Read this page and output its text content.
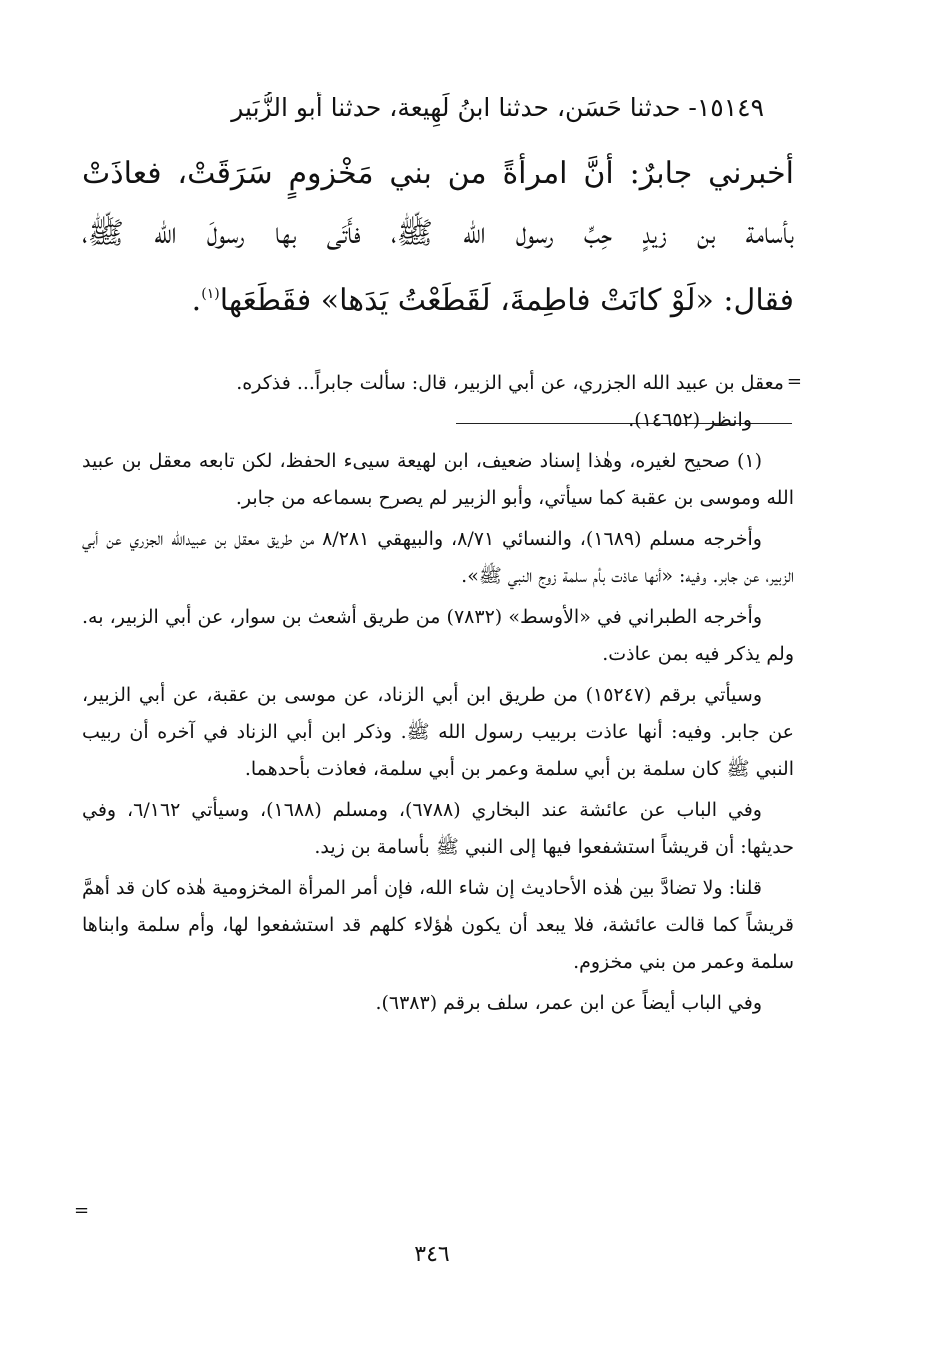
١٥١٤٩- حدثنا حَسَن، حدثنا ابنُ لَهِيعة، حدثنا أبو الزُّبَير
أخبرني جابرٌ: أنَّ امرأةً من بني مَخْزومٍ سَرَقَتْ، فعاذَتْ
بأسامة بن زيدٍ حِبِّ رسول الله ﷺ، فأَتَى بها رسولَ الله ﷺ،
فقال: «لَوْ كانَتْ فاطِمةَ، لَقَطَعْتُ يَدَها» فقَطَعَها$^{(١)}$.
=
معقل بن عبيد الله الجزري، عن أبي الزبير، قال: سألت جابراً... فذكره.
وانظر (١٤٦٥٢).
(١) صحيح لغيره، وهٰذا إسناد ضعيف، ابن لهيعة سيىء الحفظ، لكن تابعه معقل بن عبيد الله وموسى بن عقبة كما سيأتي، وأبو الزبير لم يصرح بسماعه من جابر.
وأخرجه مسلم (١٦٨٩)، والنسائي ٨/٧١، والبيهقي ٨/٢٨١ من طريق معقل بن عبيدالله الجزري عن أبي الزبير، عن جابر. وفيه: «أنها عاذت بأم سلمة زوج النبي ﷺ».
وأخرجه الطبراني في «الأوسط» (٧٨٣٢) من طريق أشعث بن سوار، عن أبي الزبير، به. ولم يذكر فيه بمن عاذت.
وسيأتي برقم (١٥٢٤٧) من طريق ابن أبي الزناد، عن موسى بن عقبة، عن أبي الزبير، عن جابر. وفيه: أنها عاذت بربيب رسول الله ﷺ. وذكر ابن أبي الزناد في آخره أن ربيب النبي ﷺ كان سلمة بن أبي سلمة وعمر بن أبي سلمة، فعاذت بأحدهما.
وفي الباب عن عائشة عند البخاري (٦٧٨٨)، ومسلم (١٦٨٨)، وسيأتي ٦/١٦٢، وفي حديثها: أن قريشاً استشفعوا فيها إلى النبي ﷺ بأسامة بن زيد.
قلنا: ولا تضادَّ بين هٰذه الأحاديث إن شاء الله، فإن أمر المرأة المخزومية هٰذه كان قد أهمَّ قريشاً كما قالت عائشة، فلا يبعد أن يكون هٰؤلاء كلهم قد استشفعوا لها، وأم سلمة وابناها سلمة وعمر من بني مخزوم.
وفي الباب أيضاً عن ابن عمر، سلف برقم (٦٣٨٣).
=
٣٤٦
